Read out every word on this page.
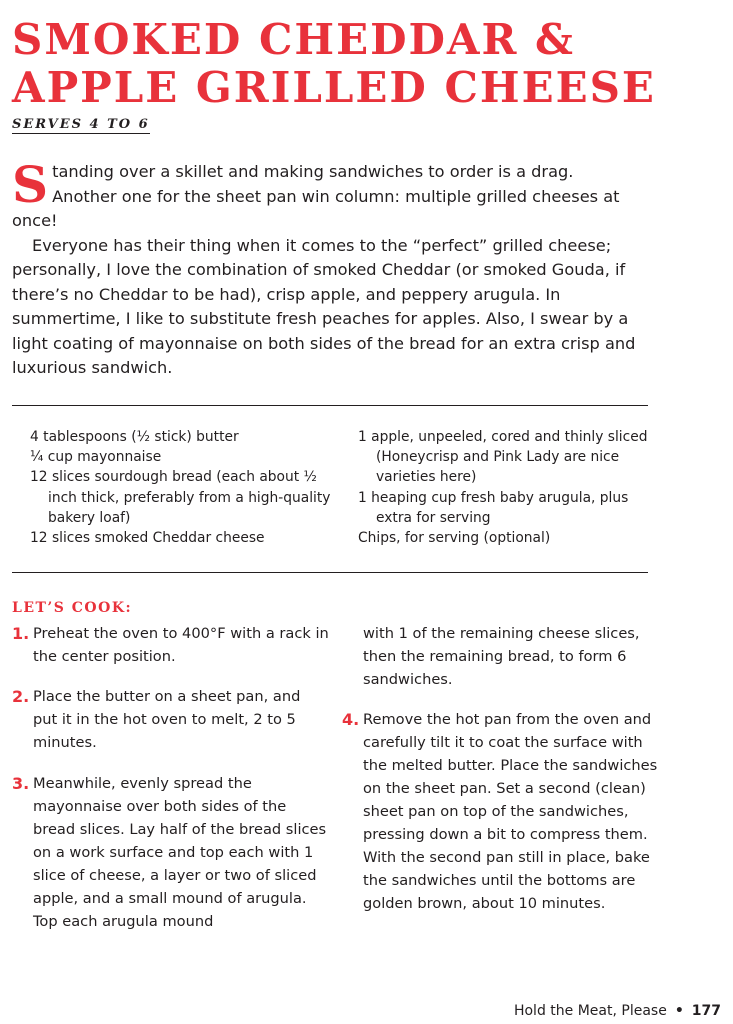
SMOKED CHEDDAR &
APPLE GRILLED CHEESE
SERVES 4 TO 6

Standing over a skillet and making sandwiches to order is a drag. Another one for the sheet pan win column: multiple grilled cheeses at once!

Everyone has their thing when it comes to the “perfect” grilled cheese; personally, I love the combination of smoked Cheddar (or smoked Gouda, if there’s no Cheddar to be had), crisp apple, and peppery arugula. In summertime, I like to substitute fresh peaches for apples. Also, I swear by a light coating of mayonnaise on both sides of the bread for an extra crisp and luxurious sandwich.

4 tablespoons (½ stick) butter
¼ cup mayonnaise
12 slices sourdough bread (each about ½ inch thick, preferably from a high-quality bakery loaf)
12 slices smoked Cheddar cheese
1 apple, unpeeled, cored and thinly sliced (Honeycrisp and Pink Lady are nice varieties here)
1 heaping cup fresh baby arugula, plus extra for serving
Chips, for serving (optional)
LET’S COOK:
1. Preheat the oven to 400°F with a rack in the center position.

2. Place the butter on a sheet pan, and put it in the hot oven to melt, 2 to 5 minutes.

3. Meanwhile, evenly spread the mayonnaise over both sides of the bread slices. Lay half of the bread slices on a work surface and top each with 1 slice of cheese, a layer or two of sliced apple, and a small mound of arugula. Top each arugula mound

with 1 of the remaining cheese slices, then the remaining bread, to form 6 sandwiches.

4. Remove the hot pan from the oven and carefully tilt it to coat the surface with the melted butter. Place the sandwiches on the sheet pan. Set a second (clean) sheet pan on top of the sandwiches, pressing down a bit to compress them. With the second pan still in place, bake the sandwiches until the bottoms are golden brown, about 10 minutes.

Hold the Meat, Please • 177
